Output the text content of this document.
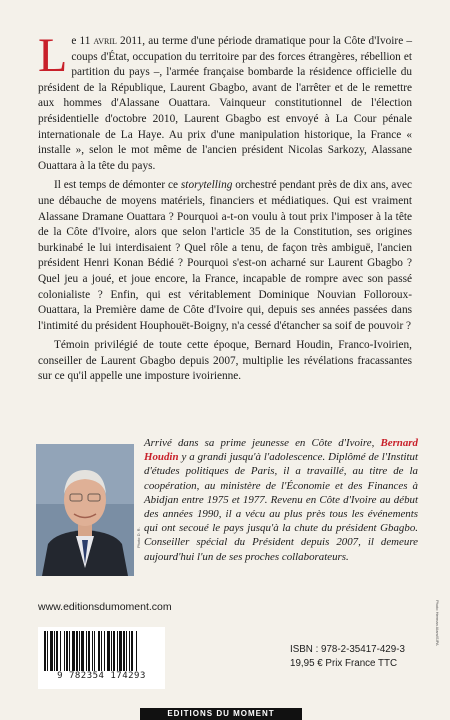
Le 11 avril 2011, au terme d'une période dramatique pour la Côte d'Ivoire – coups d'État, occupation du territoire par des forces étrangères, rébellion et partition du pays –, l'armée française bombarde la résidence officielle du président de la République, Laurent Gbagbo, avant de l'arrêter et de le remettre aux hommes d'Alassane Ouattara. Vainqueur constitutionnel de l'élection présidentielle d'octobre 2010, Laurent Gbagbo est envoyé à La Cour pénale internationale de La Haye. Au prix d'une manipulation historique, la France « installe », selon le mot même de l'ancien président Nicolas Sarkozy, Alassane Ouattara à la tête du pays.

Il est temps de démonter ce storytelling orchestré pendant près de dix ans, avec une débauche de moyens matériels, financiers et médiatiques. Qui est vraiment Alassane Dramane Ouattara ? Pourquoi a-t-on voulu à tout prix l'imposer à la tête de la Côte d'Ivoire, alors que selon l'article 35 de la Constitution, ses origines burkinabé le lui interdisaient ? Quel rôle a tenu, de façon très ambiguë, l'ancien président Henri Konan Bédié ? Pourquoi s'est-on acharné sur Laurent Gbagbo ? Quel jeu a joué, et joue encore, la France, incapable de rompre avec son passé colonialiste ? Enfin, qui est véritablement Dominique Nouvian Folloroux-Ouattara, la Première dame de Côte d'Ivoire qui, depuis ses années passées dans l'intimité du président Houphouët-Boigny, n'a cessé d'étancher sa soif de pouvoir ?

Témoin privilégié de toute cette époque, Bernard Houdin, Franco-Ivoirien, conseiller de Laurent Gbagbo depuis 2007, multiplie les révélations fracassantes sur ce qu'il appelle une imposture ivoirienne.

Photo D. R.
Arrivé dans sa prime jeunesse en Côte d'Ivoire, Bernard Houdin y a grandi jusqu'à l'adolescence. Diplômé de l'Institut d'études politiques de Paris, il a travaillé, au titre de la coopération, au ministère de l'Économie et des Finances à Abidjan entre 1975 et 1977. Revenu en Côte d'Ivoire au début des années 1990, il a vécu au plus près tous les événements qui ont secoué le pays jusqu'à la chute du président Gbagbo. Conseiller spécial du Président depuis 2007, il demeure aujourd'hui l'un de ses proches collaborateurs.
Photo Herman Alam/SIPA
www.editionsdumoment.com
9 782354 174293
ISBN : 978-2-35417-429-3
19,95 € Prix France TTC
EDITIONS DU MOMENT
